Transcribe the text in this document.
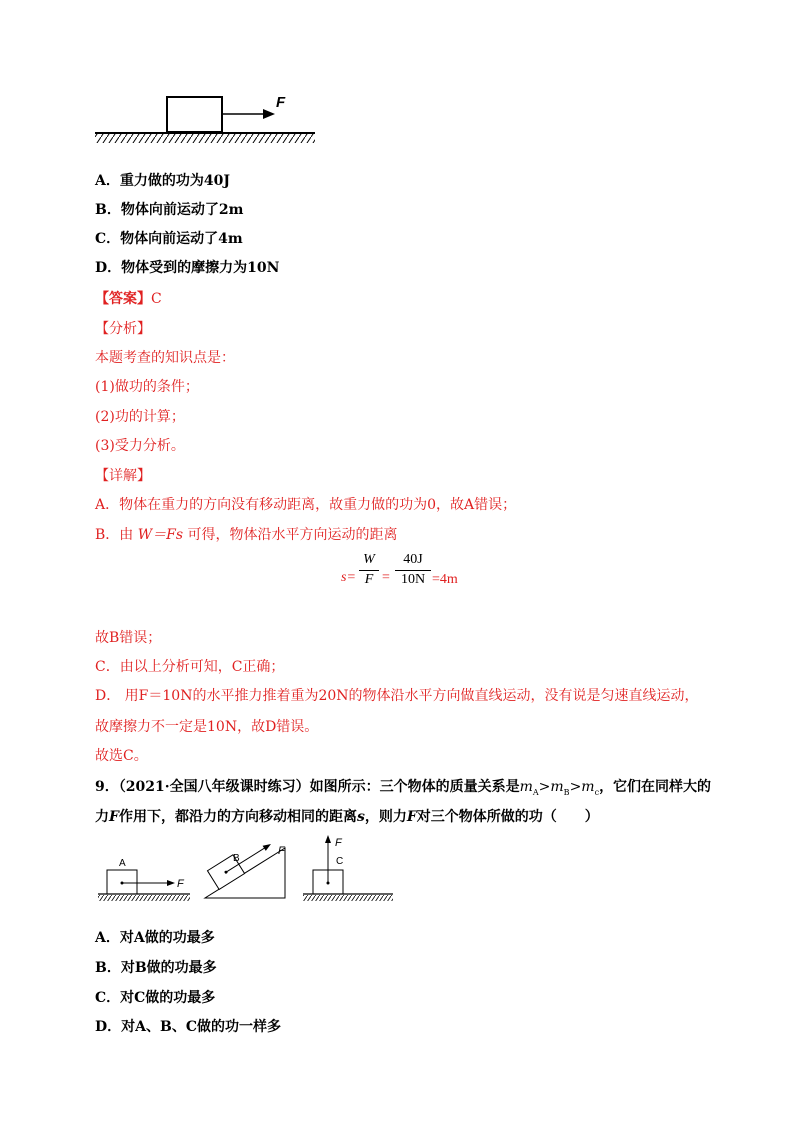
F
A．重力做的功为40J
B．物体向前运动了2m
C．物体向前运动了4m
D．物体受到的摩擦力为10N
【答案】C
【分析】
本题考查的知识点是：
(1)做功的条件；
(2)功的计算；
(3)受力分析。
【详解】
A．物体在重力的方向没有移动距离，故重力做的功为0，故A错误；
B．由 W＝Fs 可得，物体沿水平方向运动的距离
s=
W
F =
40J
10N =4m
故B错误；
C．由以上分析可知，C正确；
D． 用F＝10N的水平推力推着重为20N的物体沿水平方向做直线运动，没有说是匀速直线运动，
故摩擦力不一定是10N，故D错误。
故选C。
9．（2021·全国八年级课时练习）如图所示：三个物体的质量关系是$m_A>m_B>m_c$，它们在同样大的
力F作用下，都沿力的方向移动相同的距离s，则力F对三个物体所做的功（　　）
A
F
B
F
C
F
A．对A做的功最多
B．对B做的功最多
C．对C做的功最多
D．对A、B、C做的功一样多
